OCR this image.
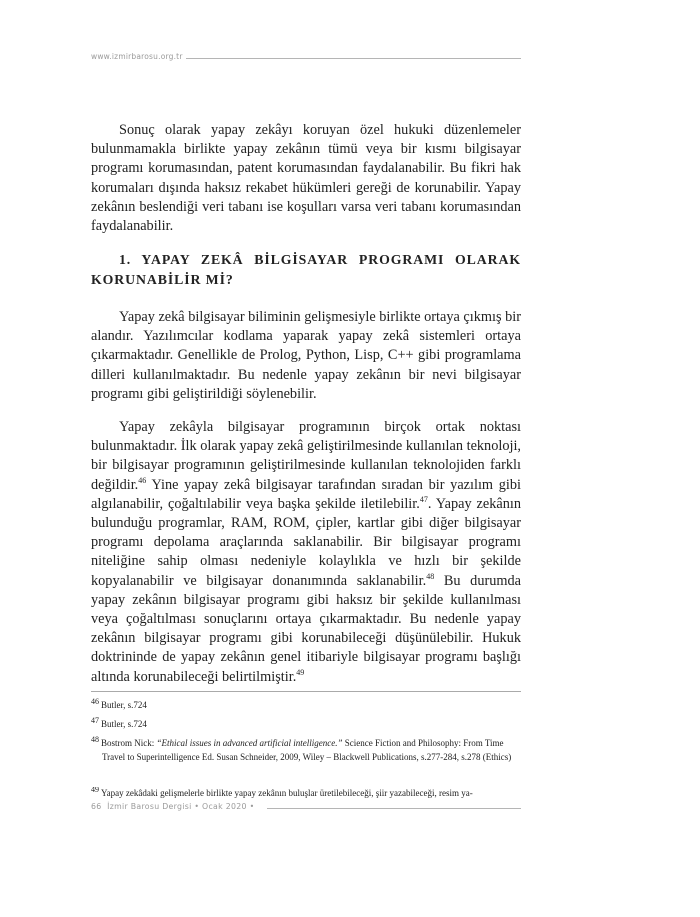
www.izmirbarosu.org.tr

Sonuç olarak yapay zekâyı koruyan özel hukuki düzenlemeler bulunmamakla birlikte yapay zekânın tümü veya bir kısmı bilgisayar programı korumasından, patent korumasından faydalanabilir. Bu fikri hak korumaları dışında haksız rekabet hükümleri gereği de korunabilir. Yapay zekânın beslendiği veri tabanı ise koşulları varsa veri tabanı korumasından faydalanabilir.

1. YAPAY ZEKÂ BİLGİSAYAR PROGRAMI OLARAK KORUNABİLİR Mİ?

Yapay zekâ bilgisayar biliminin gelişmesiyle birlikte ortaya çıkmış bir alandır. Yazılımcılar kodlama yaparak yapay zekâ sistemleri ortaya çıkarmaktadır. Genellikle de Prolog, Python, Lisp, C++ gibi programlama dilleri kullanılmaktadır. Bu nedenle yapay zekânın bir nevi bilgisayar programı gibi geliştirildiği söylenebilir.

Yapay zekâyla bilgisayar programının birçok ortak noktası bulunmaktadır. İlk olarak yapay zekâ geliştirilmesinde kullanılan teknoloji, bir bilgisayar programının geliştirilmesinde kullanılan teknolojiden farklı değildir.$^{46}$ Yine yapay zekâ bilgisayar tarafından sıradan bir yazılım gibi algılanabilir, çoğaltılabilir veya başka şekilde iletilebilir.$^{47}$. Yapay zekânın bulunduğu programlar, RAM, ROM, çipler, kartlar gibi diğer bilgisayar programı depolama araçlarında saklanabilir. Bir bilgisayar programı niteliğine sahip olması nedeniyle kolaylıkla ve hızlı bir şekilde kopyalanabilir ve bilgisayar donanımında saklanabilir.$^{48}$ Bu durumda yapay zekânın bilgisayar programı gibi haksız bir şekilde kullanılması veya çoğaltılması sonuçlarını ortaya çıkarmaktadır. Bu nedenle yapay zekânın bilgisayar programı gibi korunabileceği düşünülebilir. Hukuk doktrininde de yapay zekânın genel itibariyle bilgisayar programı başlığı altında korunabileceği belirtilmiştir.$^{49}$

46 Butler, s.724

47 Butler, s.724

48 Bostrom Nick: “Ethical issues in advanced artificial intelligence.” Science Fiction and Philosophy: From Time Travel to Superintelligence Ed. Susan Schneider, 2009, Wiley – Blackwell Publications, s.277-284, s.278 (Ethics)

49 Yapay zekâdaki gelişmelerle birlikte yapay zekânın buluşlar üretilebileceği, şiir yazabileceği, resim ya-

66 İzmir Barosu Dergisi • Ocak 2020 •
